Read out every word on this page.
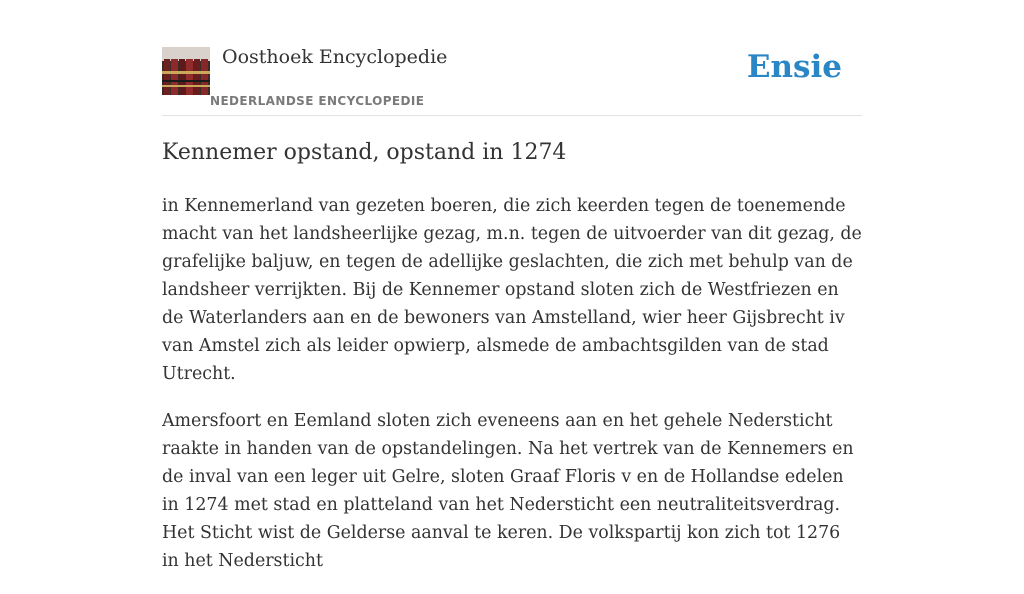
Oosthoek Encyclopedie
NEDERLANDSE ENCYCLOPEDIE
Ensie
Kennemer opstand, opstand in 1274

in Kennemerland van gezeten boeren, die zich keerden tegen de toenemende macht van het landsheerlijke gezag, m.n. tegen de uitvoerder van dit gezag, de grafelijke baljuw, en tegen de adellijke geslachten, die zich met behulp van de landsheer verrijkten. Bij de Kennemer opstand sloten zich de Westfriezen en de Waterlanders aan en de bewoners van Amstelland, wier heer Gijsbrecht iv van Amstel zich als leider opwierp, alsmede de ambachtsgilden van de stad Utrecht.

Amersfoort en Eemland sloten zich eveneens aan en het gehele Nedersticht raakte in handen van de opstandelingen. Na het vertrek van de Kennemers en de inval van een leger uit Gelre, sloten Graaf Floris v en de Hollandse edelen in 1274 met stad en platteland van het Nedersticht een neutraliteitsverdrag. Het Sticht wist de Gelderse aanval te keren. De volkspartij kon zich tot 1276 in het Nedersticht
